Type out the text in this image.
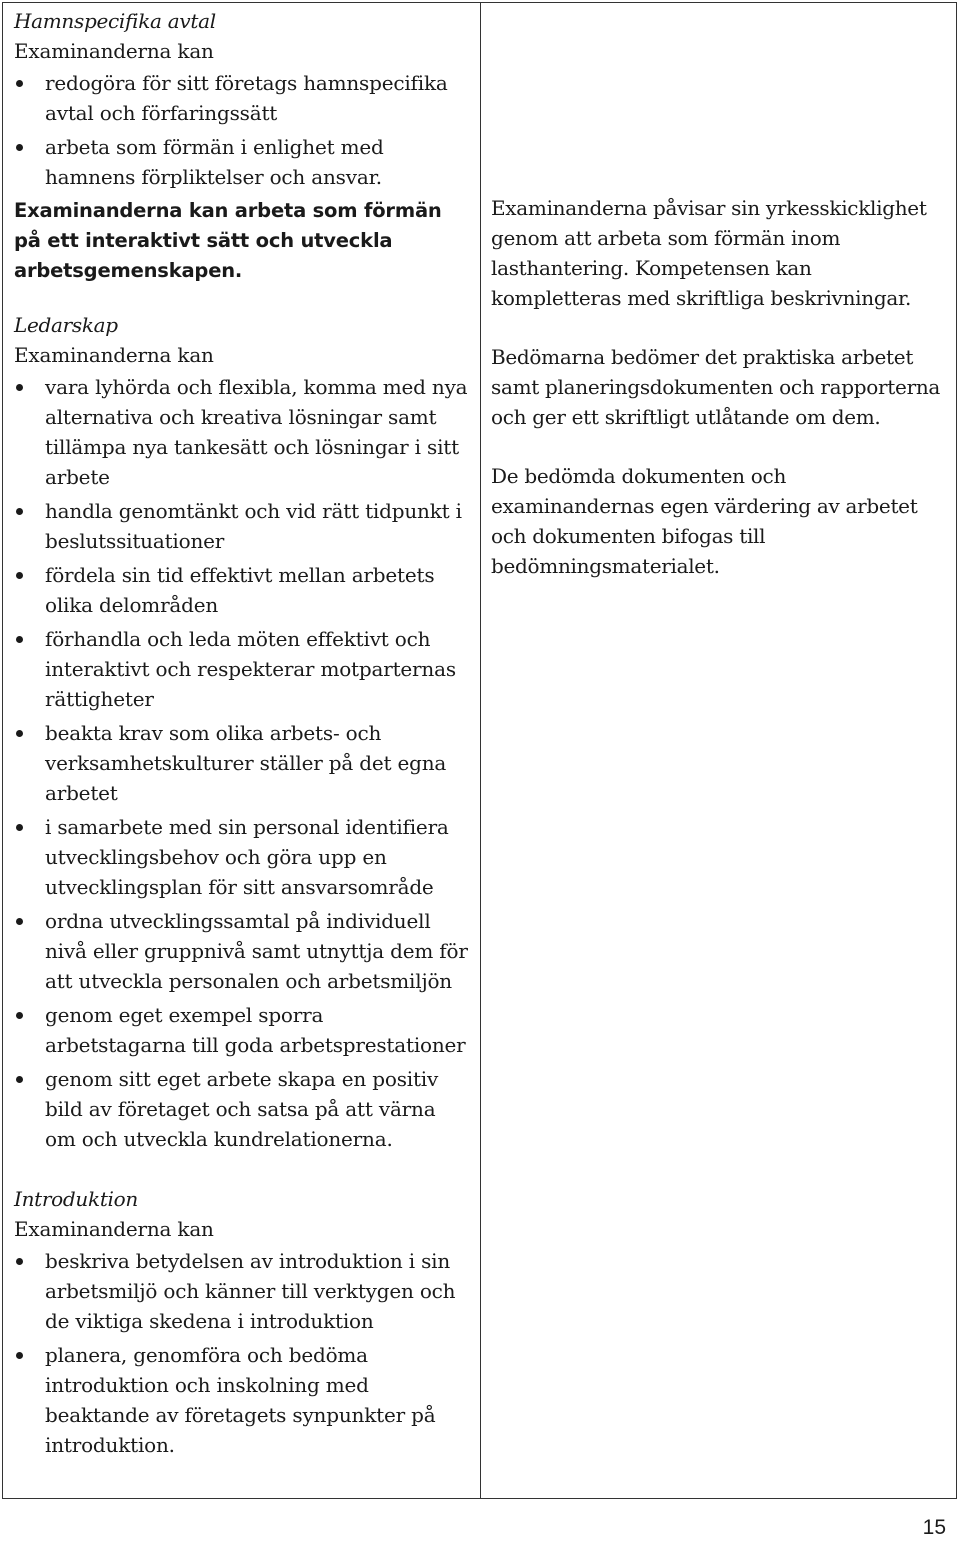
Hamnspecifika avtal
Examinanderna kan
redogöra för sitt företags hamnspecifika avtal och förfaringssätt
arbeta som förmän i enlighet med hamnens förpliktelser och ansvar.
Examinanderna kan arbeta som förmän på ett interaktivt sätt och utveckla arbetsgemenskapen.
Ledarskap
Examinanderna kan
vara lyhörda och flexibla, komma med nya alternativa och kreativa lösningar samt tillämpa nya tankesätt och lösningar i sitt arbete
handla genomtänkt och vid rätt tidpunkt i beslutssituationer
fördela sin tid effektivt mellan arbetets olika delområden
förhandla och leda möten effektivt och interaktivt och respekterar motparternas rättigheter
beakta krav som olika arbets- och verksamhetskulturer ställer på det egna arbetet
i samarbete med sin personal identifiera utvecklingsbehov och göra upp en utvecklingsplan för sitt ansvarsområde
ordna utvecklingssamtal på individuell nivå eller gruppnivå samt utnyttja dem för att utveckla personalen och arbetsmiljön
genom eget exempel sporra arbetstagarna till goda arbetsprestationer
genom sitt eget arbete skapa en positiv bild av företaget och satsa på att värna om och utveckla kundrelationerna.
Introduktion
Examinanderna kan
beskriva betydelsen av introduktion i sin arbetsmiljö och känner till verktygen och de viktiga skedena i introduktion
planera, genomföra och bedöma introduktion och inskolning med beaktande av företagets synpunkter på introduktion.
Examinanderna påvisar sin yrkesskicklighet genom att arbeta som förmän inom lasthantering. Kompetensen kan kompletteras med skriftliga beskrivningar.
Bedömarna bedömer det praktiska arbetet samt planeringsdokumenten och rapporterna och ger ett skriftligt utlåtande om dem.
De bedömda dokumenten och examinandernas egen värdering av arbetet och dokumenten bifogas till bedömningsmaterialet.
15
